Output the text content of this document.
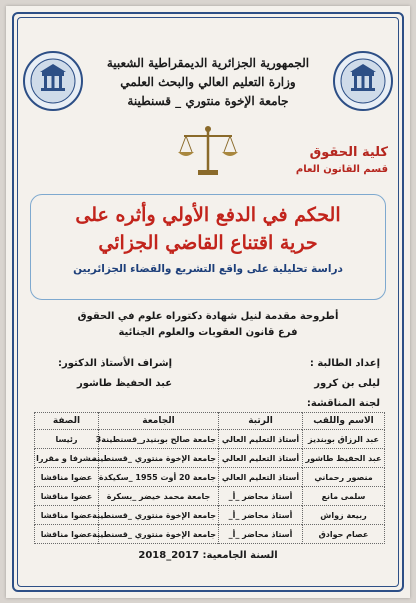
الجمهورية الجزائرية الديمقراطية الشعبية
وزارة التعليم العالي والبحث العلمي
جامعة الإخوة منتوري _ قسنطينة
كلية الحقوق
قسم القانون العام
الحكم في الدفع الأولي وأثره على
حرية اقتناع القاضي الجزائي
دراسة تحليلية على واقع التشريع والقضاء الجزائريين
أطروحة مقدمة لنيل شهادة دكتوراه علوم في الحقوق
فرع قانون العقوبات والعلوم الجنائية
إعداد الطالبة :
ليلى بن كرور
إشراف الأستاذ الدكتور:
عبد الحفيظ طاشور
لجنة المناقشة:
الاسم واللقب	الرتبة	الجامعة	الصفة
عبد الرزاق بوبنديز	أستاذ التعليم العالي	جامعة صالح بوبنيدر_قسنطينة3	رئيسا
عبد الحفيظ طاشور	أستاذ التعليم العالي	جامعة الإخوة منتوري _قسنطينة	مشرفا و مقررا
منصور رحماني	أستاذ التعليم العالي	جامعة 20 أوت 1955 _سكيكدة	عضوا مناقشا
سلمى مانع	أستاذ محاضر _أ_	جامعة محمد خيضر _بسكرة	عضوا مناقشا
ربيعة زواش	أستاذ محاضر _أ_	جامعة الإخوة منتوري _قسنطينة	عضوا مناقشا
عصام حوادق	أستاذ محاضر _أ_	جامعة الإخوة منتوري _قسنطينة	عضوا مناقشا
السنة الجامعية: 2017_2018
